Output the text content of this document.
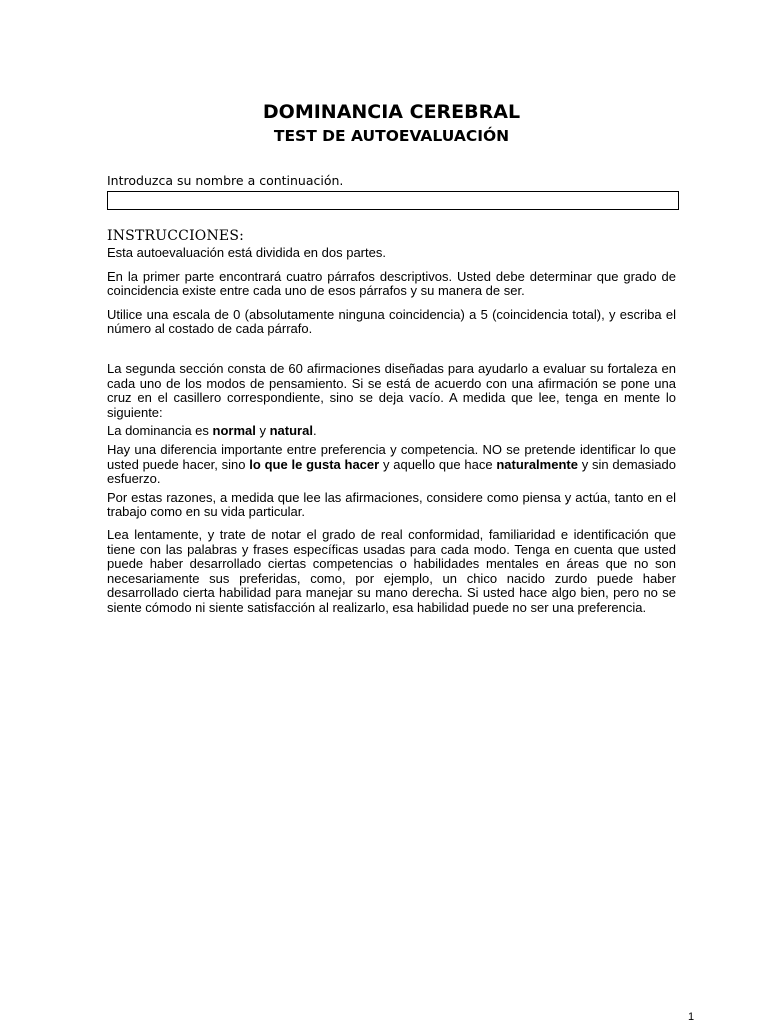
DOMINANCIA CEREBRAL
TEST DE AUTOEVALUACIÓN
Introduzca su nombre a continuación.
INSTRUCCIONES:

Esta autoevaluación está dividida en dos partes.

En la primer parte encontrará cuatro párrafos descriptivos. Usted debe determinar que grado de coincidencia existe entre cada uno de esos párrafos y su manera de ser.

Utilice una escala de 0 (absolutamente ninguna coincidencia) a 5 (coincidencia total), y escriba el número al costado de cada párrafo.

La segunda sección consta de 60 afirmaciones diseñadas para ayudarlo a evaluar su fortaleza en cada uno de los modos de pensamiento. Si se está de acuerdo con una afirmación se pone una cruz en el casillero correspondiente, sino se deja vacío. A medida que lee, tenga en mente lo siguiente:

La dominancia es normal y natural.

Hay una diferencia importante entre preferencia y competencia. NO se pretende identificar lo que usted puede hacer, sino lo que le gusta hacer y aquello que hace naturalmente y sin demasiado esfuerzo.

Por estas razones, a medida que lee las afirmaciones, considere como piensa y actúa, tanto en el trabajo como en su vida particular.

Lea lentamente, y trate de notar el grado de real conformidad, familiaridad e identificación que tiene con las palabras y frases específicas usadas para cada modo. Tenga en cuenta que usted puede haber desarrollado ciertas competencias o habilidades mentales en áreas que no son necesariamente sus preferidas, como, por ejemplo, un chico nacido zurdo puede haber desarrollado cierta habilidad para manejar su mano derecha. Si usted hace algo bien, pero no se siente cómodo ni siente satisfacción al realizarlo, esa habilidad puede no ser una preferencia.

1
